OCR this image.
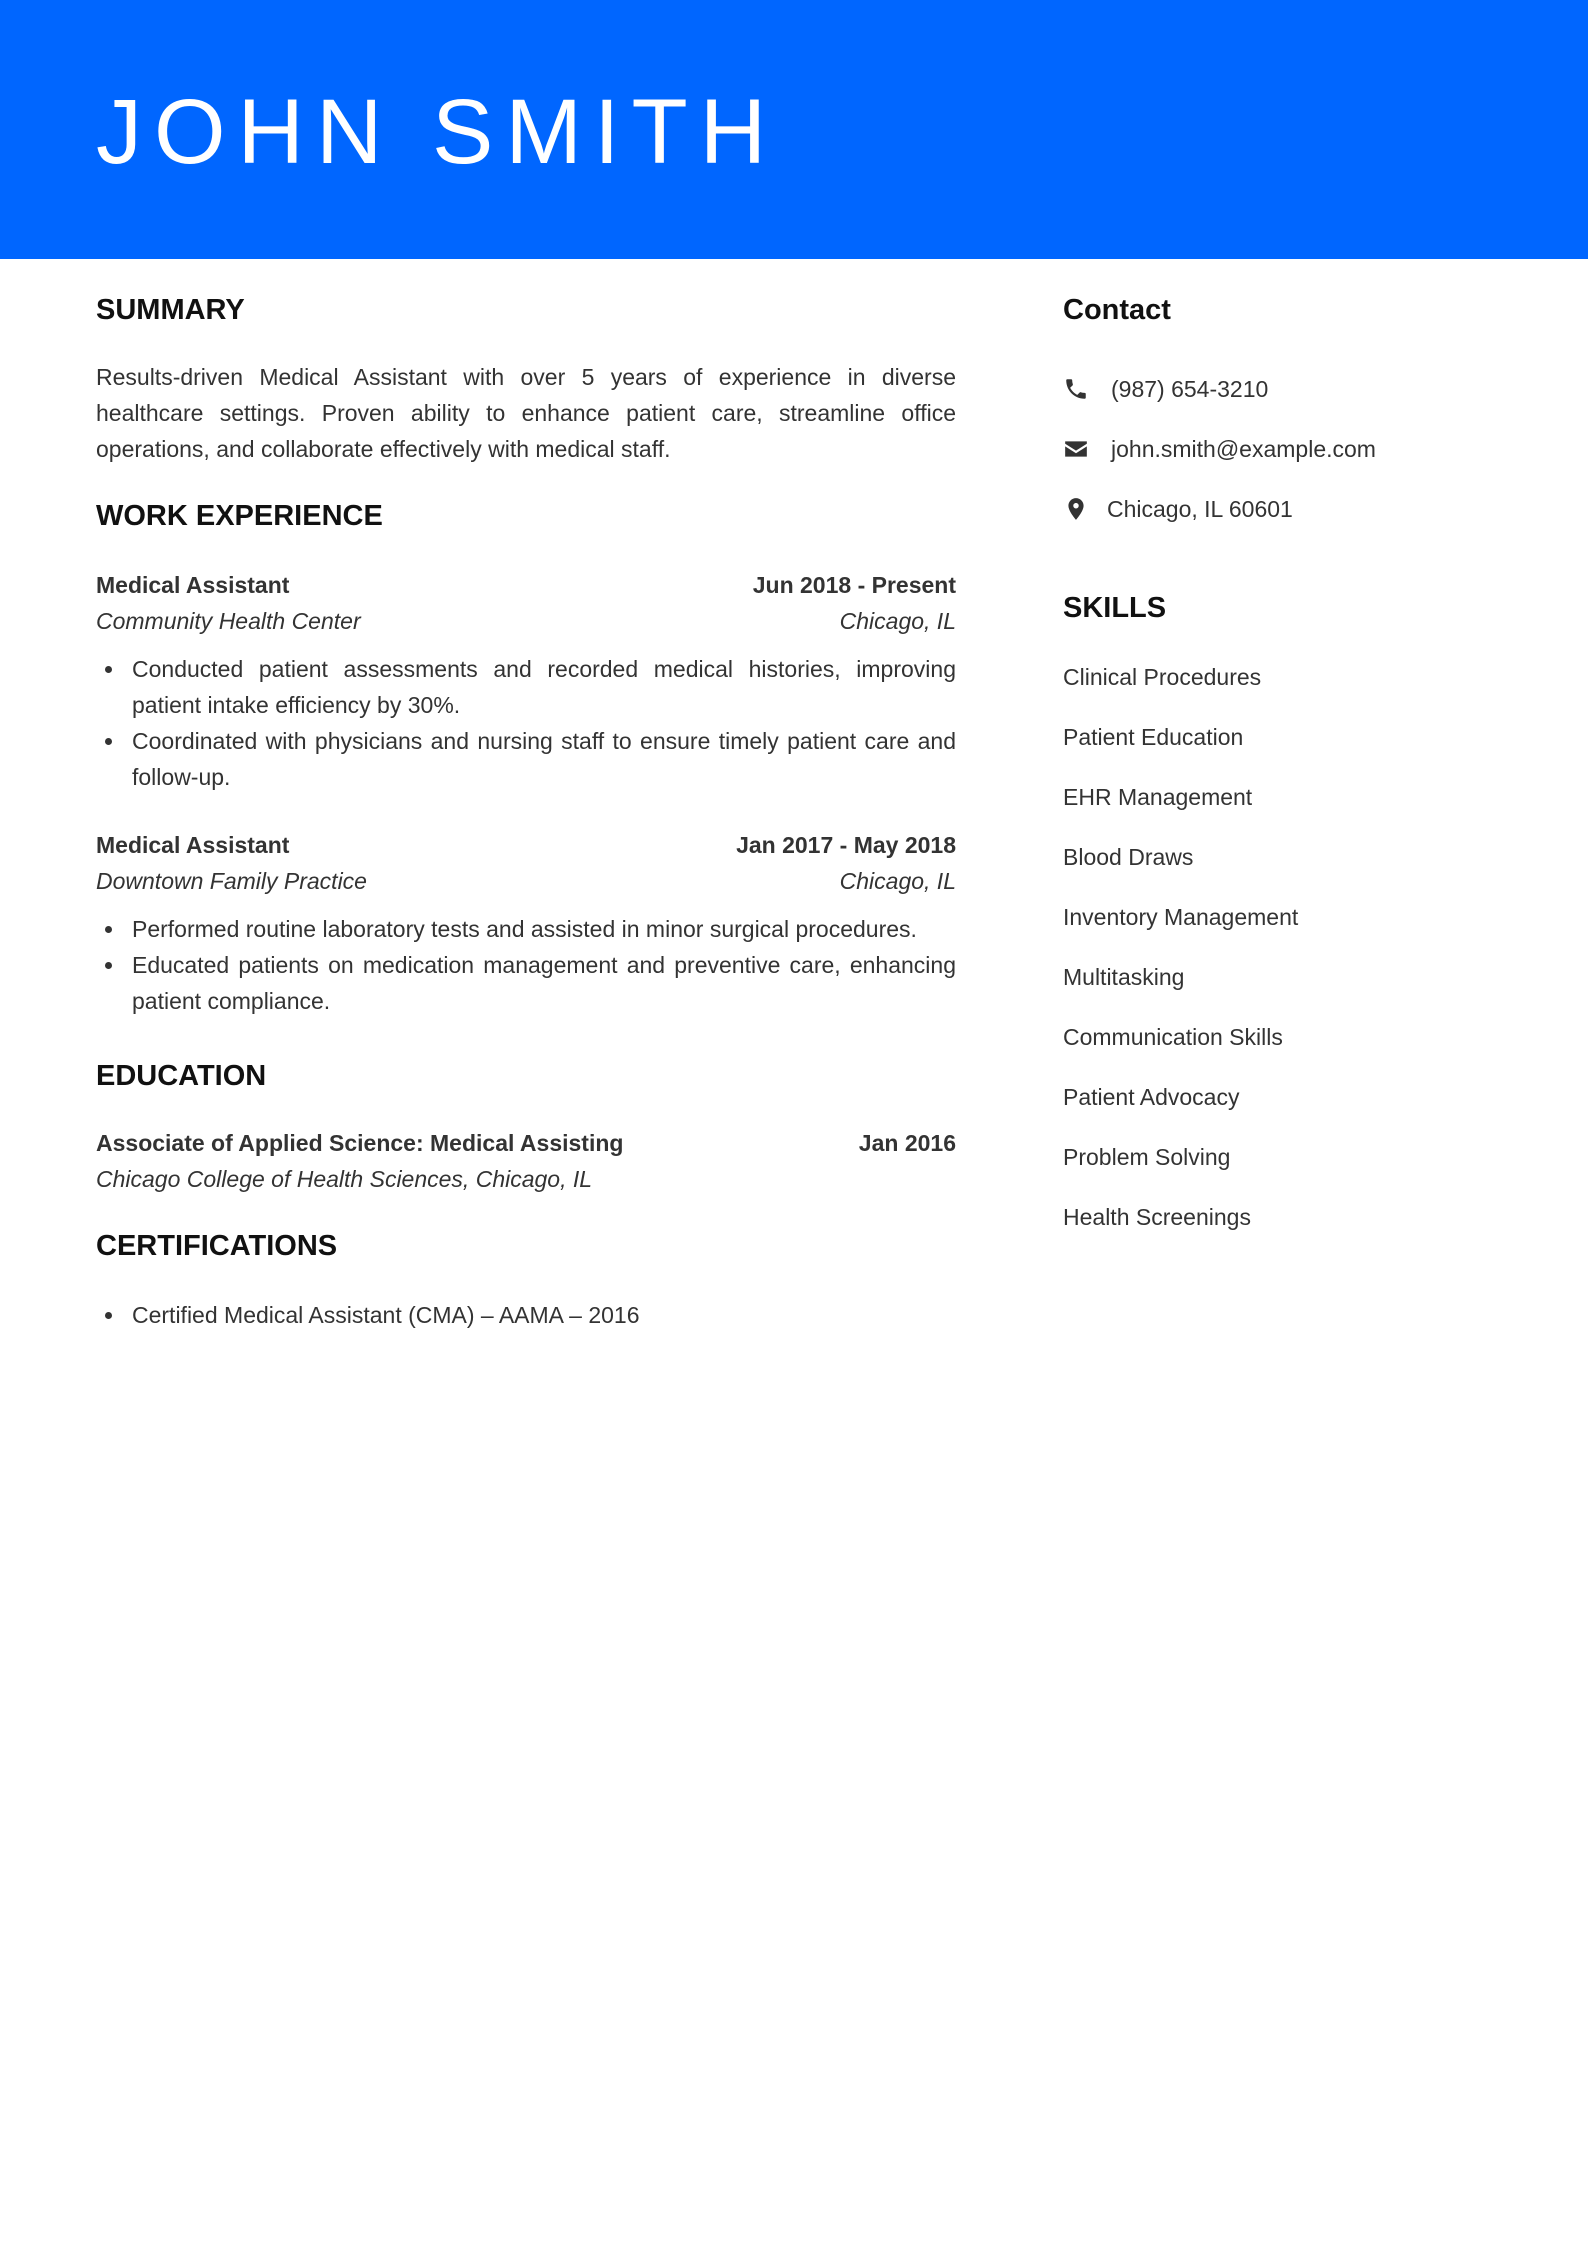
JOHN SMITH
SUMMARY
Results-driven Medical Assistant with over 5 years of experience in diverse healthcare settings. Proven ability to enhance patient care, streamline office operations, and collaborate effectively with medical staff.
WORK EXPERIENCE
Medical Assistant	Jun 2018 - Present
Community Health Center	Chicago, IL
Conducted patient assessments and recorded medical histories, improving patient intake efficiency by 30%.
Coordinated with physicians and nursing staff to ensure timely patient care and follow-up.
Medical Assistant	Jan 2017 - May 2018
Downtown Family Practice	Chicago, IL
Performed routine laboratory tests and assisted in minor surgical procedures.
Educated patients on medication management and preventive care, enhancing patient compliance.
EDUCATION
Associate of Applied Science: Medical Assisting	Jan 2016
Chicago College of Health Sciences, Chicago, IL
CERTIFICATIONS
Certified Medical Assistant (CMA) – AAMA – 2016
Contact
(987) 654-3210
john.smith@example.com
Chicago, IL 60601
SKILLS
Clinical Procedures
Patient Education
EHR Management
Blood Draws
Inventory Management
Multitasking
Communication Skills
Patient Advocacy
Problem Solving
Health Screenings
